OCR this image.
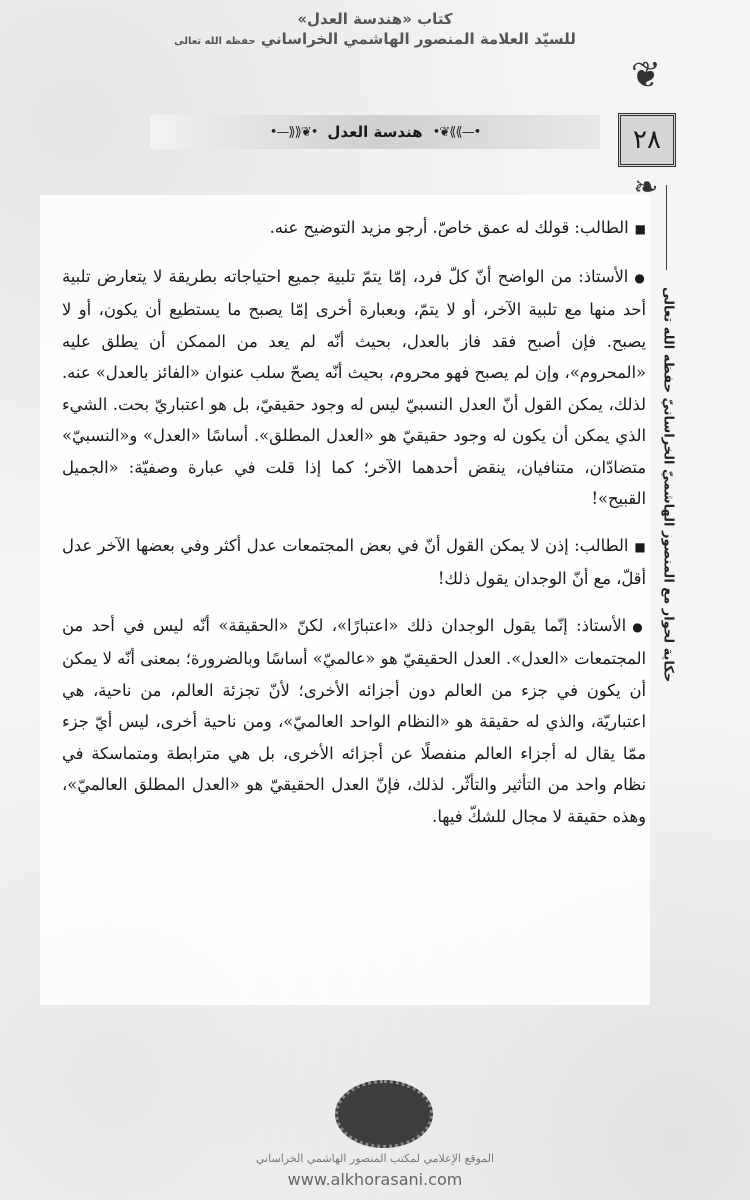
كتاب «هندسة العدل»
للسيّد العلامة المنصور الهاشمي الخراساني حفظه الله تعالى
•—⟫⟫❦•
هندسة العدل
•❦⟪⟪—•
❦
٢٨
❧
حكاية لحوار مع المنصور الهاشميّ الخراسانيّ حفظه الله تعالى

■الطالب: قولك له عمق خاصّ. أرجو مزيد التوضيح عنه.

●الأستاذ: من الواضح أنّ كلّ فرد، إمّا يتمّ تلبية جميع احتياجاته بطريقة لا يتعارض تلبية أحد منها مع تلبية الآخر، أو لا يتمّ، وبعبارة أخرى إمّا يصبح ما يستطيع أن يكون، أو لا يصبح. فإن أصبح فقد فاز بالعدل، بحيث أنّه لم يعد من الممكن أن يطلق عليه «المحروم»، وإن لم يصبح فهو محروم، بحيث أنّه يصحّ سلب عنوان «الفائز بالعدل» عنه. لذلك، يمكن القول أنّ العدل النسبيّ ليس له وجود حقيقيّ، بل هو اعتباريّ بحت. الشيء الذي يمكن أن يكون له وجود حقيقيّ هو «العدل المطلق». أساسًا «العدل» و«النسبيّ» متضادّان، متنافيان، ينقض أحدهما الآخر؛ كما إذا قلت في عبارة وصفيّة: «الجميل القبيح»!

■الطالب: إذن لا يمكن القول أنّ في بعض المجتمعات عدل أكثر وفي بعضها الآخر عدل أقلّ، مع أنّ الوجدان يقول ذلك!

●الأستاذ: إنّما يقول الوجدان ذلك «اعتبارًا»، لكنّ «الحقيقة» أنّه ليس في أحد من المجتمعات «العدل». العدل الحقيقيّ هو «عالميّ» أساسًا وبالضرورة؛ بمعنى أنّه لا يمكن أن يكون في جزء من العالم دون أجزائه الأخرى؛ لأنّ تجزئة العالم، من ناحية، هي اعتباريّة، والذي له حقيقة هو «النظام الواحد العالميّ»، ومن ناحية أخرى، ليس أيّ جزء ممّا يقال له أجزاء العالم منفصلًا عن أجزائه الأخرى، بل هي مترابطة ومتماسكة في نظام واحد من التأثير والتأثّر. لذلك، فإنّ العدل الحقيقيّ هو «العدل المطلق العالميّ»، وهذه حقيقة لا مجال للشكّ فيها.

الموقع الإعلامي لمكتب المنصور الهاشمي الخراساني
www.alkhorasani.com
